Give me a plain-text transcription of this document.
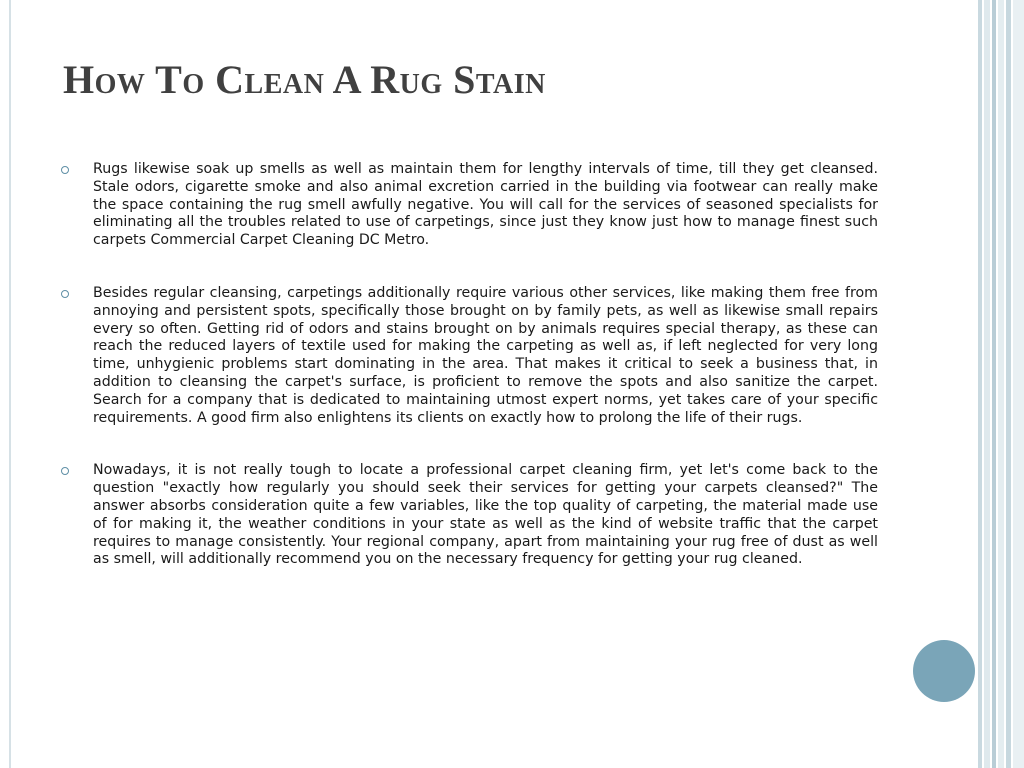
How To Clean A Rug Stain

Rugs likewise soak up smells as well as maintain them for lengthy intervals of time, till they get cleansed. Stale odors, cigarette smoke and also animal excretion carried in the building via footwear can really make the space containing the rug smell awfully negative. You will call for the services of seasoned specialists for eliminating all the troubles related to use of carpetings, since just they know just how to manage finest such carpets Commercial Carpet Cleaning DC Metro.

Besides regular cleansing, carpetings additionally require various other services, like making them free from annoying and persistent spots, specifically those brought on by family pets, as well as likewise small repairs every so often. Getting rid of odors and stains brought on by animals requires special therapy, as these can reach the reduced layers of textile used for making the carpeting as well as, if left neglected for very long time, unhygienic problems start dominating in the area. That makes it critical to seek a business that, in addition to cleansing the carpet's surface, is proficient to remove the spots and also sanitize the carpet. Search for a company that is dedicated to maintaining utmost expert norms, yet takes care of your specific requirements. A good firm also enlightens its clients on exactly how to prolong the life of their rugs.

Nowadays, it is not really tough to locate a professional carpet cleaning firm, yet let's come back to the question "exactly how regularly you should seek their services for getting your carpets cleansed?" The answer absorbs consideration quite a few variables, like the top quality of carpeting, the material made use of for making it, the weather conditions in your state as well as the kind of website traffic that the carpet requires to manage consistently. Your regional company, apart from maintaining your rug free of dust as well as smell, will additionally recommend you on the necessary frequency for getting your rug cleaned.
